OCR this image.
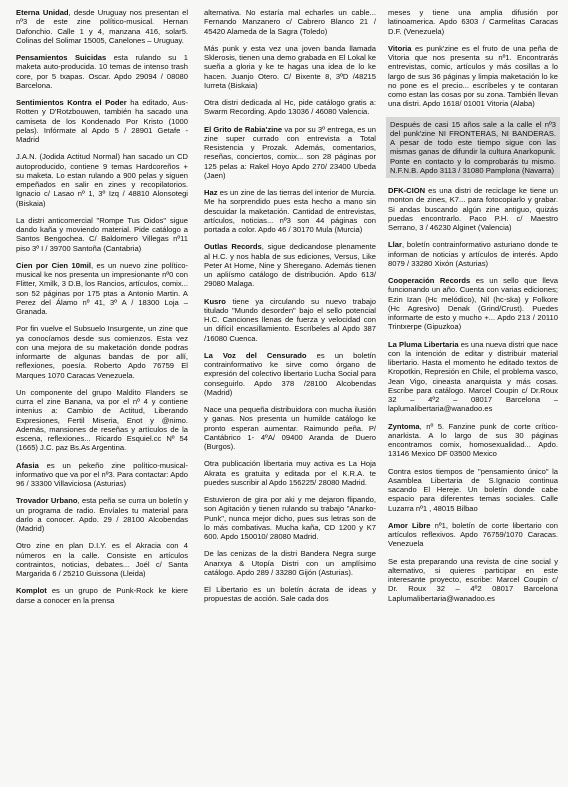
Eterna Unidad, desde Uruguay nos presentan el nº3 de este zine político-musical. Hernan Dafonchio. Calle 1 y 4, manzana 416, solar5. Colinas del Solimar 15005, Canelones – Uruguay.

Pensamientos Suicidas esta rulando su 1 maketa auto-producida. 10 temas de intenso trash core, por 5 txapas. Oscar. Apdo 29094 / 08080 Barcelona.

Sentimientos Kontra el Poder ha editado, Aus-Rotten y D'Rotzbouwen, también ha sacado una camiseta de los Kondenado Por Kristo (1000 pelas). Infórmate al Apdo 5 / 28901 Getafe - Madrid

J.A.N. (Jodida Actitud Normal) han sacado un CD autoproducido, contiene 9 temas Hardcoreños + su maketa. Lo estan rulando a 900 pelas y siguen empeñados en salir en zines y recopilatorios. Ignacio c/ Lasao nº 1, 3º Izq / 48810 Alonsotegi (Biskaia)

La distri anticomercial "Rompe Tus Oidos" sigue dando kaña y moviendo material. Pide catálogo a Santos Bengochea. C/ Baldomero Villegas nº11 piso 3º I / 39700 Santoña (Cantabria)

Cien por Cien 10mil, es un nuevo zine político-musical ke nos presenta un impresionante nº0 con Flitter, Xmilk, 3 D.B, los Rancios, artículos, comix... son 52 páginas por 175 ptas a Antonio Martin. A Perez del Álamo nº 41, 3º A / 18300 Loja – Granada.

Por fin vuelve el Subsuelo Insurgente, un zine que ya conocíamos desde sus comienzos. Esta vez con una mejora de su maketación donde podras informarte de algunas bandas de por allí, reflexiones, poesía. Roberto Apdo 76759 El Marques 1070 Caracas Venezuela.

Un componente del grupo Maldito Flanders se curra el zine Banana, va por el nº 4 y contiene intenius a: Cambio de Actitud, Liberando Expresiones, Fertil Miseria, Enot y @nimo. Además, mansiones de reseñas y artículos de la escena, reflexiones... Ricardo Esquiel.cc Nº 54 (1665) J.C. paz Bs.As Argentina.

Afasia es un pekeño zine político-musical-informativo que va por el nº3. Para contactar: Apdo 96 / 33300 Villaviciosa (Asturias)

Trovador Urbano, esta peña se curra un boletín y un programa de radio. Envíales tu material para darlo a conocer. Apdo. 29 / 28100 Alcobendas (Madrid)

Otro zine en plan D.I.Y. es el Akracia con 4 números en la calle. Consiste en artículos contraintos, noticias, debates... Joél c/ Santa Margarida 6 / 25210 Guissona (Lleida)

Komplot es un grupo de Punk-Rock ke kiere darse a conocer en la prensa

alternativa. No estaría mal echarles un cable... Fernando Manzanero c/ Cabrero Blanco 21 / 45420 Alameda de la Sagra (Toledo)

Más punk y esta vez una joven banda llamada Sklerosis, tienen una demo grabada en El Lokal ke sueña a gloria y ke te hagas una idea de lo ke hacen. Juanjo Otero. C/ Bixente 8, 3ºD /48215 Iurreta (Biskaia)

Otra distri dedicada al Hc, pide catálogo gratis a: Swarm Recording. Apdo 13036 / 46080 Valencia.

El Grito de Rabia'zine va por su 3º entrega, es un zine super currado con entrevista a Total Resistencia y Prozak. Además, comentarios, reseñas, conciertos, comix... son 28 páginas por 125 pelas a: Rakel Hoyo Apdo 270/ 23400 Ubeda (Jaen)

Haz es un zine de las tierras del interior de Murcia. Me ha sorprendido pues esta hecho a mano sin descuidar la maketación. Cantidad de entrevistas, artículos, noticias... nº3 son 44 páginas con portada a color. Apdo 46 / 30170 Mula (Murcia)

Outlas Records, sigue dedicandose plenamente al H.C. y nos habla de sus ediciones, Versus, Like Peter At Home, Nine y Sheregano. Además tienen un apliísmo catálogo de distribución. Apdo 613/ 29080 Malaga.

Kusro tiene ya circulando su nuevo trabajo titulado "Mundo desorden" bajo el sello potencial H.C. Canciones llenas de fuerza y velocidad con un difícil encasillamiento. Escríbeles al Apdo 387 /16080 Cuenca.

La Voz del Censurado es un boletín contrainformativo ke sirve como órgano de expresión del colectivo libertario Lucha Social para conseguirlo. Apdo 378 /28100 Alcobendas (Madrid)

Nace una pequeña distribuidora con mucha ilusión y ganas. Nos presenta un humilde catálogo ke pronto esperan aumentar. Raimundo peña. P/ Cantábrico 1- 4ºA/ 09400 Aranda de Duero (Burgos).

Otra publicación libertaria muy activa es La Hoja Akrata es gratuita y editada por el K.R.A. te puedes suscribir al Apdo 156225/ 28080 Madrid.

Estuvieron de gira por aki y me dejaron flipando, son Agitación y tienen rulando su trabajo "Anarko-Punk", nunca mejor dicho, pues sus letras son de lo más combativas. Mucha kaña, CD 1200 y K7 600. Apdo 150010/ 28080 Madrid.

De las cenizas de la distri Bandera Negra surge Anarxya & Utopía Distri con un amplísimo catálogo. Apdo 289 / 33280 Gijón (Asturias).

El Libertario es un boletín ácrata de ideas y propuestas de acción. Sale cada dos

meses y tiene una amplia difusión por latinoamerica. Apdo 6303 / Carmelitas Caracas D.F. (Venezuela)

Vitoria es punk'zine es el fruto de una peña de Vitoria que nos presenta su nº1. Encontrarás entrevistas, comic, artículos y más cosillas a lo largo de sus 36 páginas y limpia maketación lo ke no pone es el precio... escríbeles y te contaran como estan las cosas por su zona. También llevan una distri. Apdo 1618/ 01001 Vitoria (Alaba)

Después de casi 15 años sale a la calle el nº3 del punk'zine NI FRONTERAS, NI BANDERAS. A pesar de todo este tiempo sigue con las mismas ganas de difundir la cultura Anarkopunk. Ponte en contacto y lo comprobarás tu mismo. N.F.N.B. Apdo 3113 / 31080 Pamplona (Navarra)

DFK-CION es una distri de reciclage ke tiene un monton de zines, K7... para fotocopiarlo y grabar. Si andas buscando algún zine antiguo, quizás puedas encontrarlo. Paco P.H. c/ Maestro Serrano, 3 / 46230 Alginet (Valencia)

Llar, boletín contrainformativo asturiano donde te informan de noticias y artículos de interés. Apdo 8079 / 33280 Xixón (Asturias)

Cooperación Records es un sello que lleva funcionando un año. Cuenta con varias ediciones; Ezin Izan (Hc melódico), Nil (hc-ska) y Folkore (Hc Agresivo) Denak (Grind/Crust). Puedes informarte de esto y mucho +... Apdo 213 / 20110 Trintxerpe (Gipuzkoa)

La Pluma Libertaria es una nueva distri que nace con la intención de editar y distribuir material libertario. Hasta el momento he editado textos de Kropotkin, Represión en Chile, el problema vasco, Jean Vigo, cineasta anarquista y más cosas. Escribe para catálogo. Marcel Coupin c/ Dr.Roux 32 – 4º2 – 08017 Barcelona – laplumalibertaria@wanadoo.es

Zyntoma, nº 5. Fanzine punk de corte crítico-anarkista. A lo largo de sus 30 páginas encontramos comix, homosexualidad... Apdo. 13146 Mexico DF 03500 Mexico

Contra estos tiempos de "pensamiento único" la Asamblea Libertaria de S.Ignacio continua sacando El Hereje. Un boletín donde cabe espacio para diferentes temas sociales. Calle Luzarra nº1 , 48015 Bilbao

Amor Libre nº1, boletín de corte libertario con artículos reflexivos. Apdo 76759/1070 Caracas. Venezuela

Se esta preparando una revista de cine social y alternativo, si quieres participar en este interesante proyecto, escribe: Marcel Coupin c/ Dr. Roux 32 – 4º2 08017 Barcelona Laplumalibertaria@wanadoo.es
